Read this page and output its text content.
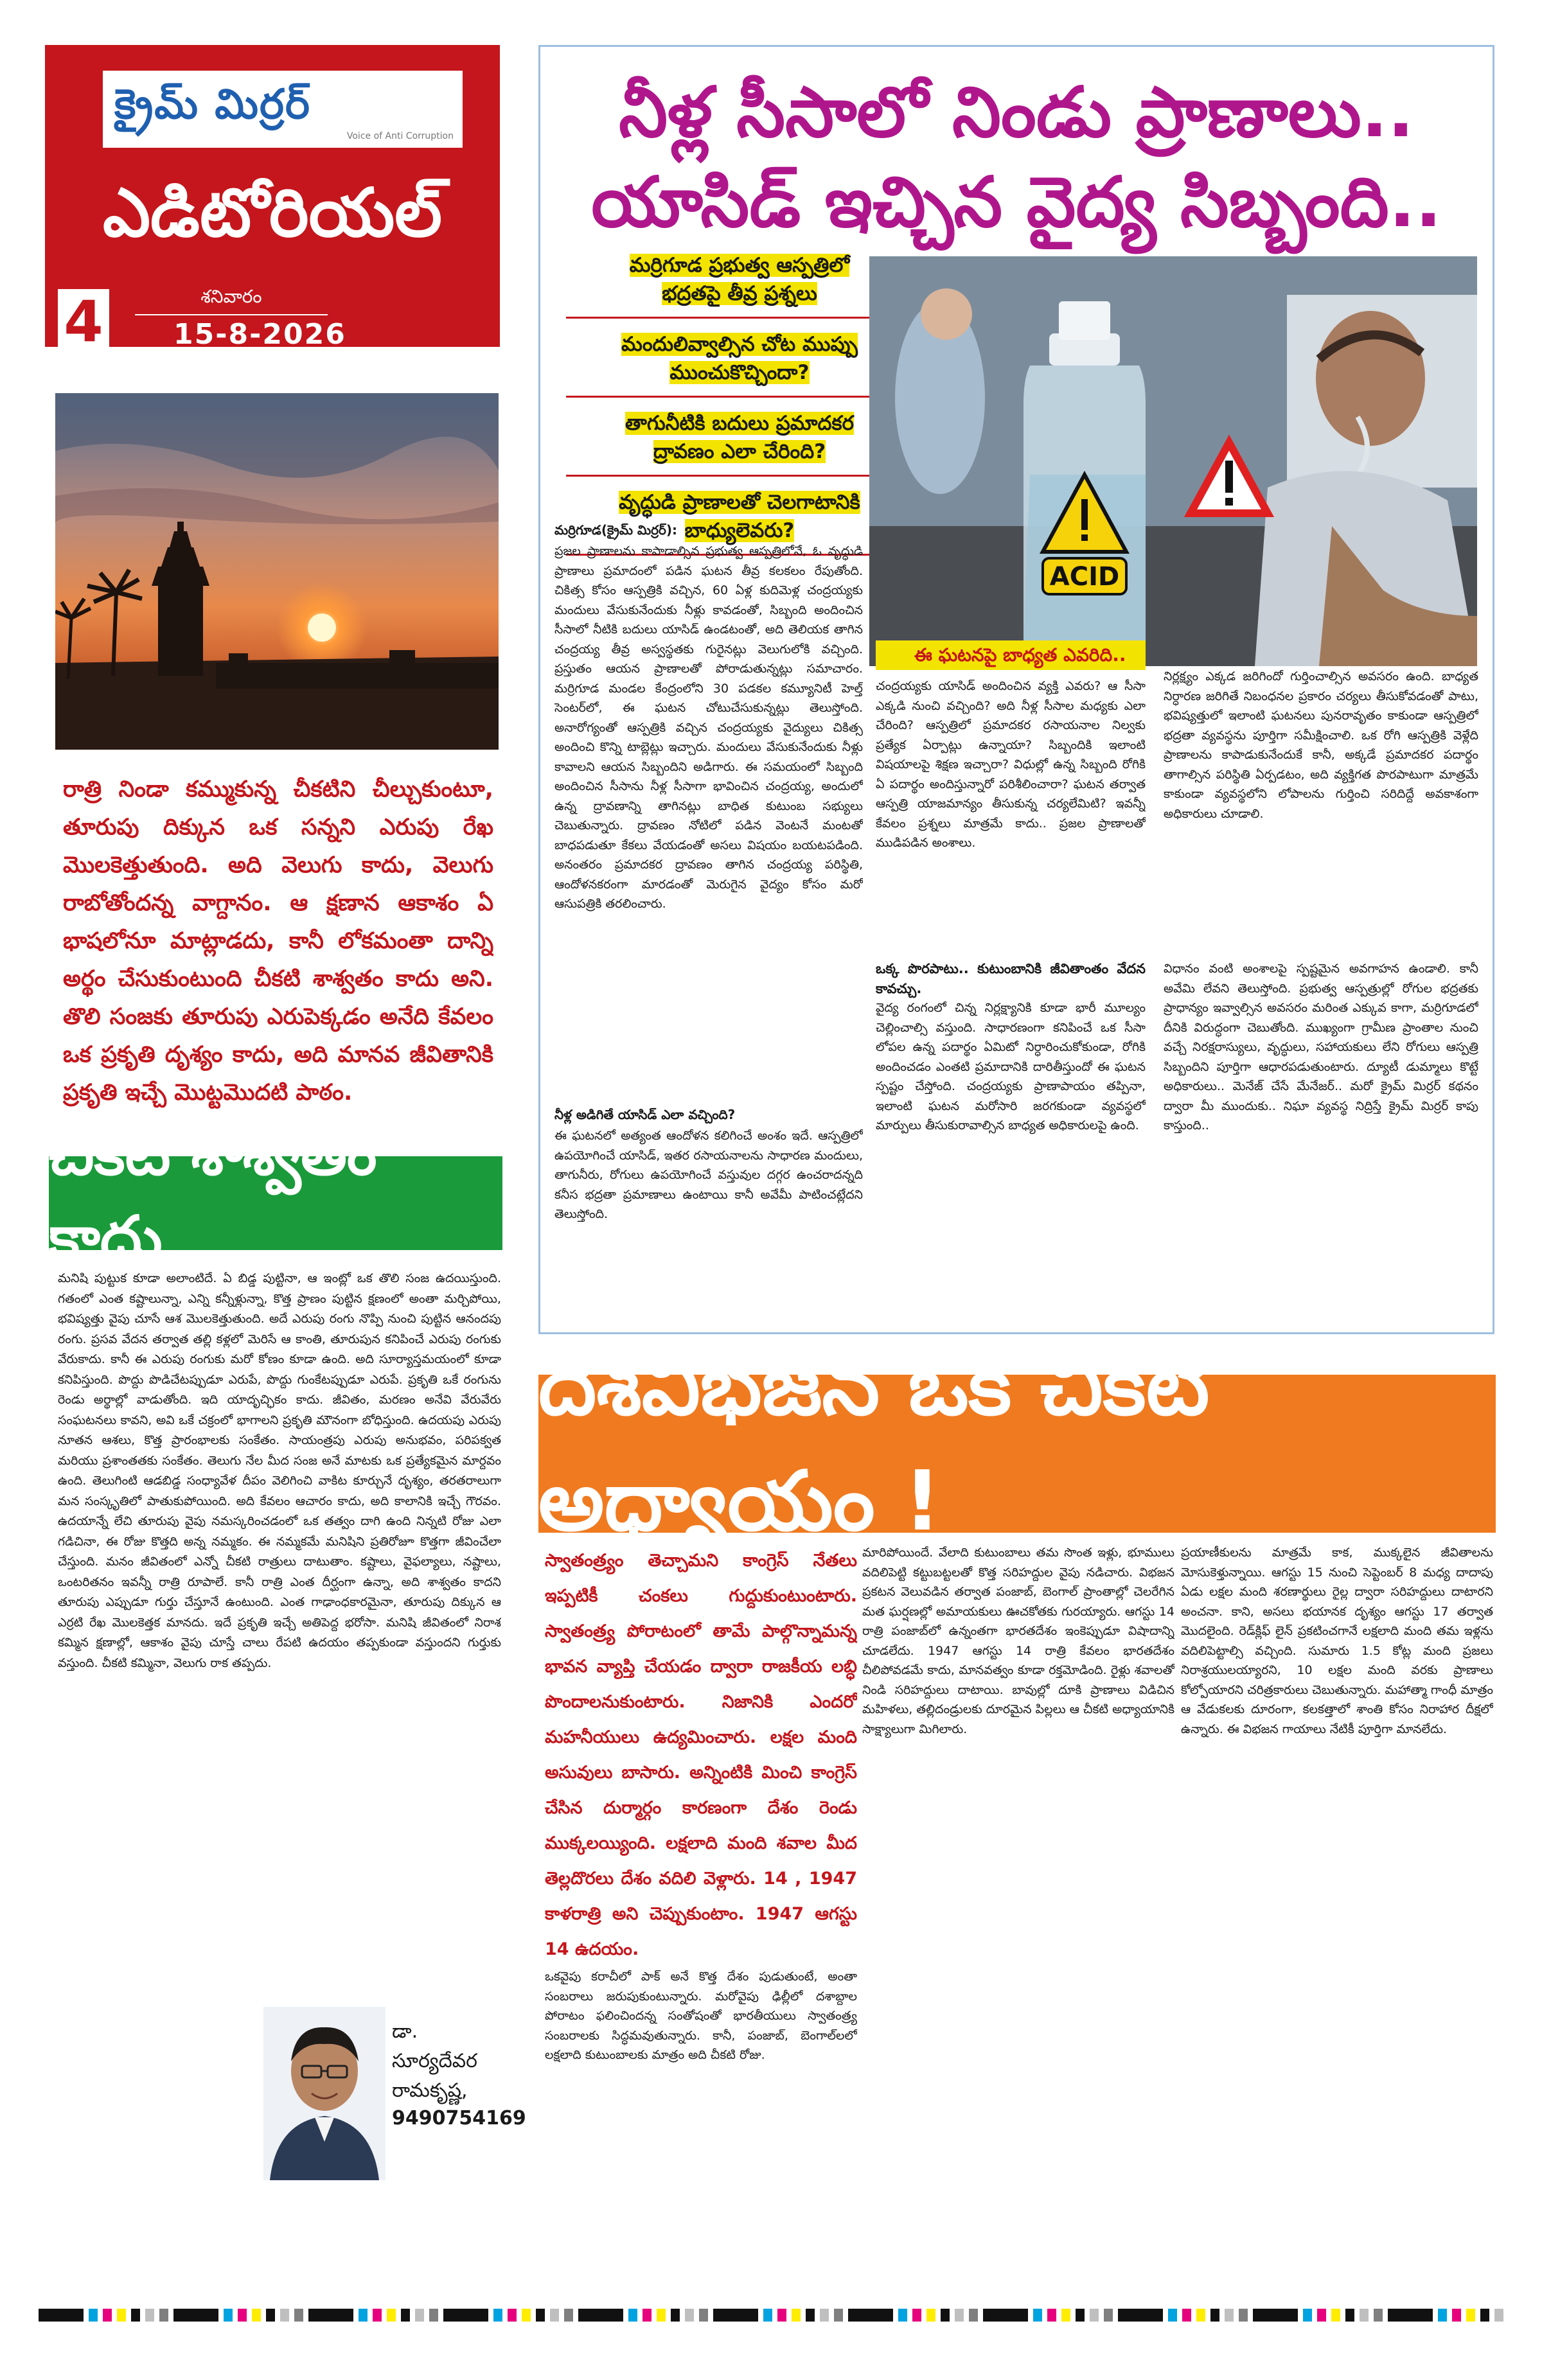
క్రైమ్ మిర్రర్
Voice of Anti Corruption
ఎడిటోరియల్
4	శనివారం
15-8-2026
రాత్రి నిండా కమ్ముకున్న చీకటిని చీల్చుకుంటూ, తూరుపు దిక్కున ఒక సన్నని ఎరుపు రేఖ మొలకెత్తుతుంది. అది వెలుగు కాదు, వెలుగు రాబోతోందన్న వాగ్దానం. ఆ క్షణాన ఆకాశం ఏ భాషలోనూ మాట్లాడదు, కానీ లోకమంతా దాన్ని అర్థం చేసుకుంటుంది చీకటి శాశ్వతం కాదు అని. తొలి సంజకు తూరుపు ఎరుపెక్కడం అనేది కేవలం ఒక ప్రకృతి దృశ్యం కాదు, అది మానవ జీవితానికి ప్రకృతి ఇచ్చే మొట్టమొదటి పాఠం.
చీకటి శాశ్వతం కాదు
మనిషి పుట్టుక కూడా అలాంటిదే. ఏ బిడ్డ పుట్టినా, ఆ ఇంట్లో ఒక తొలి సంజ ఉదయిస్తుంది. గతంలో ఎంత కష్టాలున్నా, ఎన్ని కన్నీళ్లున్నా, కొత్త ప్రాణం పుట్టిన క్షణంలో అంతా మర్చిపోయి, భవిష్యత్తు వైపు చూసే ఆశ మొలకెత్తుతుంది. అదే ఎరుపు రంగు నొప్పి నుంచి పుట్టిన ఆనందపు రంగు. ప్రసవ వేదన తర్వాత తల్లి కళ్లలో మెరిసే ఆ కాంతి, తూరుపున కనిపించే ఎరుపు రంగుకు వేరుకాదు. కానీ ఈ ఎరుపు రంగుకు మరో కోణం కూడా ఉంది. అది సూర్యాస్తమయంలో కూడా కనిపిస్తుంది. పొద్దు పొడిచేటప్పుడూ ఎరుపే, పొద్దు గుంకేటప్పుడూ ఎరుపే. ప్రకృతి ఒకే రంగును రెండు అర్థాల్లో వాడుతోంది. ఇది యాదృచ్ఛికం కాదు. జీవితం, మరణం అనేవి వేరువేరు సంఘటనలు కావని, అవి ఒకే చక్రంలో భాగాలని ప్రకృతి మౌనంగా బోధిస్తుంది. ఉదయపు ఎరుపు నూతన ఆశలు, కొత్త ప్రారంభాలకు సంకేతం. సాయంత్రపు ఎరుపు అనుభవం, పరిపక్వత మరియు ప్రశాంతతకు సంకేతం. తెలుగు నేల మీద సంజ అనే మాటకు ఒక ప్రత్యేకమైన మార్దవం ఉంది. తెలుగింటి ఆడబిడ్డ సంధ్యావేళ దీపం వెలిగించి వాకిట కూర్చునే దృశ్యం, తరతరాలుగా మన సంస్కృతిలో పాతుకుపోయింది. అది కేవలం ఆచారం కాదు, అది కాలానికి ఇచ్చే గౌరవం. ఉదయాన్నే లేచి తూరుపు వైపు నమస్కరించడంలో ఒక తత్వం దాగి ఉంది నిన్నటి రోజు ఎలా గడిచినా, ఈ రోజు కొత్తది అన్న నమ్మకం. ఈ నమ్మకమే మనిషిని ప్రతిరోజూ కొత్తగా జీవించేలా చేస్తుంది. మనం జీవితంలో ఎన్నో చీకటి రాత్రులు దాటుతాం. కష్టాలు, వైఫల్యాలు, నష్టాలు, ఒంటరితనం ఇవన్నీ రాత్రి రూపాలే. కానీ రాత్రి ఎంత దీర్ఘంగా ఉన్నా, అది శాశ్వతం కాదని తూరుపు ఎప్పుడూ గుర్తు చేస్తూనే ఉంటుంది. ఎంత గాఢాంధకారమైనా, తూరుపు దిక్కున ఆ ఎర్రటి రేఖ మొలకెత్తక మానదు. ఇదే ప్రకృతి ఇచ్చే అతిపెద్ద భరోసా. మనిషి జీవితంలో నిరాశ కమ్మిన క్షణాల్లో, ఆకాశం వైపు చూస్తే చాలు రేపటి ఉదయం తప్పకుండా వస్తుందని గుర్తుకు వస్తుంది. చీకటి కమ్మినా, వెలుగు రాక తప్పదు.
డా. సూర్యదేవర రామకృష్ణ,
9490754169
నీళ్ల సీసాలో నిండు ప్రాణాలు..
యాసిడ్ ఇచ్చిన వైద్య సిబ్బంది..
మర్రిగూడ ప్రభుత్వ ఆస్పత్రిలో భద్రతపై తీవ్ర ప్రశ్నలు
మందులివ్వాల్సిన చోట ముప్పు ముంచుకొచ్చిందా?
తాగునీటికి బదులు ప్రమాదకర ద్రావణం ఎలా చేరింది?
వృద్ధుడి ప్రాణాలతో చెలగాటానికి బాధ్యులెవరు?
ACID
మర్రిగూడ(క్రైమ్ మిర్రర్):
ప్రజల ప్రాణాలను కాపాడాల్సిన ప్రభుత్వ ఆస్పత్రిలోనే, ఓ వృద్ధుడి ప్రాణాలు ప్రమాదంలో పడిన ఘటన తీవ్ర కలకలం రేపుతోంది. చికిత్స కోసం ఆస్పత్రికి వచ్చిన, 60 ఏళ్ల కుదిమెళ్ల చంద్రయ్యకు మందులు వేసుకునేందుకు నీళ్లు కావడంతో, సిబ్బంది అందించిన సీసాలో నీటికి బదులు యాసిడ్ ఉండటంతో, అది తెలియక తాగిన చంద్రయ్య తీవ్ర అస్వస్థతకు గురైనట్లు వెలుగులోకి వచ్చింది. ప్రస్తుతం ఆయన ప్రాణాలతో పోరాడుతున్నట్లు సమాచారం. మర్రిగూడ మండల కేంద్రంలోని 30 పడకల కమ్యూనిటీ హెల్త్ సెంటర్‌లో, ఈ ఘటన చోటుచేసుకున్నట్లు తెలుస్తోంది. అనారోగ్యంతో ఆస్పత్రికి వచ్చిన చంద్రయ్యకు వైద్యులు చికిత్స అందించి కొన్ని టాబ్లెట్లు ఇచ్చారు. మందులు వేసుకునేందుకు నీళ్లు కావాలని ఆయన సిబ్బందిని అడిగారు. ఈ సమయంలో సిబ్బంది అందించిన సీసాను నీళ్ల సీసాగా భావించిన చంద్రయ్య, అందులో ఉన్న ద్రావణాన్ని తాగినట్లు బాధిత కుటుంబ సభ్యులు చెబుతున్నారు. ద్రావణం నోటిలో పడిన వెంటనే మంటతో బాధపడుతూ కేకలు వేయడంతో అసలు విషయం బయటపడింది. అనంతరం ప్రమాదకర ద్రావణం తాగిన చంద్రయ్య పరిస్థితి, ఆందోళనకరంగా మారడంతో మెరుగైన వైద్యం కోసం మరో ఆసుపత్రికి తరలించారు.
నీళ్ల అడిగితే యాసిడ్ ఎలా వచ్చింది?
ఈ ఘటనలో అత్యంత ఆందోళన కలిగించే అంశం ఇదే. ఆస్పత్రిలో ఉపయోగించే యాసిడ్, ఇతర రసాయనాలను సాధారణ మందులు, తాగునీరు, రోగులు ఉపయోగించే వస్తువుల దగ్గర ఉంచరాదన్నది కనీస భద్రతా ప్రమాణాలు ఉంటాయి కానీ అవేమీ పాటించట్లేదని తెలుస్తోంది.
ఈ ఘటనపై బాధ్యత ఎవరిది..
చంద్రయ్యకు యాసిడ్ అందించిన వ్యక్తి ఎవరు? ఆ సీసా ఎక్కడి నుంచి వచ్చింది? అది నీళ్ల సీసాల మధ్యకు ఎలా చేరింది? ఆస్పత్రిలో ప్రమాదకర రసాయనాల నిల్వకు ప్రత్యేక ఏర్పాట్లు ఉన్నాయా? సిబ్బందికి ఇలాంటి విషయాలపై శిక్షణ ఇచ్చారా? విధుల్లో ఉన్న సిబ్బంది రోగికి ఏ పదార్థం అందిస్తున్నారో పరిశీలించారా? ఘటన తర్వాత ఆస్పత్రి యాజమాన్యం తీసుకున్న చర్యలేమిటి? ఇవన్నీ కేవలం ప్రశ్నలు మాత్రమే కాదు.. ప్రజల ప్రాణాలతో ముడిపడిన అంశాలు.
ఒక్క పొరపాటు.. కుటుంబానికి జీవితాంతం వేదన కావచ్చు.
వైద్య రంగంలో చిన్న నిర్లక్ష్యానికి కూడా భారీ మూల్యం చెల్లించాల్సి వస్తుంది. సాధారణంగా కనిపించే ఒక సీసా లోపల ఉన్న పదార్థం ఏమిటో నిర్ధారించుకోకుండా, రోగికి అందించడం ఎంతటి ప్రమాదానికి దారితీస్తుందో ఈ ఘటన స్పష్టం చేస్తోంది. చంద్రయ్యకు ప్రాణాపాయం తప్పినా, ఇలాంటి ఘటన మరోసారి జరగకుండా వ్యవస్థలో మార్పులు తీసుకురావాల్సిన బాధ్యత అధికారులపై ఉంది.
నిర్లక్ష్యం ఎక్కడ జరిగిందో గుర్తించాల్సిన అవసరం ఉంది. బాధ్యత నిర్ధారణ జరిగితే నిబంధనల ప్రకారం చర్యలు తీసుకోవడంతో పాటు, భవిష్యత్తులో ఇలాంటి ఘటనలు పునరావృతం కాకుండా ఆస్పత్రిలో భద్రతా వ్యవస్థను పూర్తిగా సమీక్షించాలి. ఒక రోగి ఆస్పత్రికి వెళ్లేది ప్రాణాలను కాపాడుకునేందుకే కానీ, అక్కడే ప్రమాదకర పదార్థం తాగాల్సిన పరిస్థితి ఏర్పడటం, అది వ్యక్తిగత పొరపాటుగా మాత్రమే కాకుండా వ్యవస్థలోని లోపాలను గుర్తించి సరిదిద్దే అవకాశంగా అధికారులు చూడాలి.
విధానం వంటి అంశాలపై స్పష్టమైన అవగాహన ఉండాలి. కానీ అవేమి లేవని తెలుస్తోంది. ప్రభుత్వ ఆస్పత్రుల్లో రోగుల భద్రతకు ప్రాధాన్యం ఇవ్వాల్సిన అవసరం మరింత ఎక్కువ కాగా, మర్రిగూడలో దీనికి విరుద్ధంగా చెబుతోంది. ముఖ్యంగా గ్రామీణ ప్రాంతాల నుంచి వచ్చే నిరక్షరాస్యులు, వృద్ధులు, సహాయకులు లేని రోగులు ఆస్పత్రి సిబ్బందిని పూర్తిగా ఆధారపడుతుంటారు. ద్యూటీ డుమ్మాలు కొట్టే అధికారులు.. మెనేజ్ చేసే మేనేజర్.. మరో క్రైమ్ మిర్రర్ కథనం ద్వారా మీ ముందుకు.. నిఘా వ్యవస్థ నిద్రిస్తే క్రైమ్ మిర్రర్ కాపు కాస్తుంది..
దేశవిభజన ఒక చీకటి అధ్యాయం !
స్వాతంత్ర్యం తెచ్చామని కాంగ్రెస్ నేతలు ఇప్పటికీ చంకలు గుద్దుకుంటుంటారు. స్వాతంత్ర్య పోరాటంలో తామే పాల్గొన్నామన్న భావన వ్యాప్తి చేయడం ద్వారా రాజకీయ లబ్ధి పొందాలనుకుంటారు. నిజానికి ఎందరో మహనీయులు ఉద్యమించారు. లక్షల మంది అసువులు బాసారు. అన్నింటికి మించి కాంగ్రెస్ చేసిన దుర్మార్గం కారణంగా దేశం రెండు ముక్కలయ్యింది. లక్షలాది మంది శవాల మీద తెల్లదొరలు దేశం వదిలి వెళ్లారు. 14 , 1947 కాళరాత్రి అని చెప్పుకుంటాం. 1947 ఆగస్టు 14 ఉదయం.
ఒకవైపు కరాచీలో పాక్ అనే కొత్త దేశం పుడుతుంటే, అంతా సంబరాలు జరుపుకుంటున్నారు. మరోవైపు ఢిల్లీలో దశాబ్దాల పోరాటం ఫలించిందన్న సంతోషంతో భారతీయులు స్వాతంత్ర్య సంబరాలకు సిద్ధమవుతున్నారు. కానీ, పంజాబ్, బెంగాల్‌లలో లక్షలాది కుటుంబాలకు మాత్రం అది చీకటి రోజు.
మారిపోయిందే. వేలాది కుటుంబాలు తమ సొంత ఇళ్లు, భూములు వదిలిపెట్టి కట్టుబట్టలతో కొత్త సరిహద్దుల వైపు నడిచారు. విభజన ప్రకటన వెలువడిన తర్వాత పంజాబ్, బెంగాల్ ప్రాంతాల్లో చెలరేగిన మత ఘర్షణల్లో అమాయకులు ఊచకోతకు గురయ్యారు. ఆగస్టు 14 రాత్రి పంజాబ్‌లో ఉన్నంతగా భారతదేశం ఇంకెప్పుడూ విషాదాన్ని చూడలేదు. 1947 ఆగస్టు 14 రాత్రి కేవలం భారతదేశం చీలిపోవడమే కాదు, మానవత్వం కూడా రక్తమోడింది. రైళ్లు శవాలతో నిండి సరిహద్దులు దాటాయి. బావుల్లో దూకి ప్రాణాలు విడిచిన మహిళలు, తల్లిదండ్రులకు దూరమైన పిల్లలు ఆ చీకటి అధ్యాయానికి సాక్ష్యాలుగా మిగిలారు.
ప్రయాణీకులను మాత్రమే కాక, ముక్కలైన జీవితాలను మోసుకెళ్తున్నాయి. ఆగస్టు 15 నుంచి సెప్టెంబర్ 8 మధ్య దాదాపు ఏడు లక్షల మంది శరణార్థులు రైల్ల ద్వారా సరిహద్దులు దాటారని అంచనా. కాని, అసలు భయానక దృశ్యం ఆగస్టు 17 తర్వాత మొదలైంది. రెడ్‌క్లిఫ్ లైన్ ప్రకటించగానే లక్షలాది మంది తమ ఇళ్లను వదిలిపెట్టాల్సి వచ్చింది. సుమారు 1.5 కోట్ల మంది ప్రజలు నిరాశ్రయులయ్యారని, 10 లక్షల మంది వరకు ప్రాణాలు కోల్పోయారని చరిత్రకారులు చెబుతున్నారు. మహాత్మా గాంధీ మాత్రం ఆ వేడుకలకు దూరంగా, కలకత్తాలో శాంతి కోసం నిరాహార దీక్షలో ఉన్నారు. ఈ విభజన గాయాలు నేటికీ పూర్తిగా మానలేదు.
